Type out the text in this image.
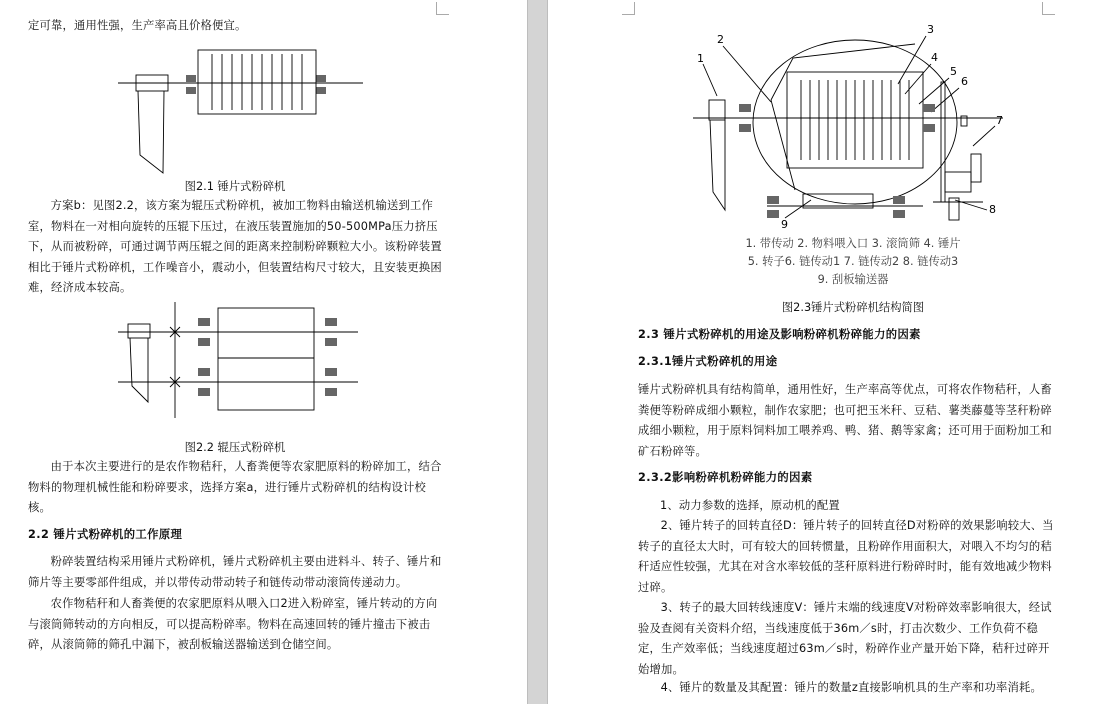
定可靠，通用性强，生产率高且价格便宜。

图2.1 锤片式粉碎机

方案b：见图2.2，该方案为辊压式粉碎机，被加工物料由输送机输送到工作室，物料在一对相向旋转的压辊下压过，在液压装置施加的50-500MPa压力挤压下，从而被粉碎，可通过调节两压辊之间的距离来控制粉碎颗粒大小。该粉碎装置相比于锤片式粉碎机，工作噪音小，震动小，但装置结构尺寸较大，且安装更换困难，经济成本较高。

图2.2 辊压式粉碎机

由于本次主要进行的是农作物秸秆，人畜粪便等农家肥原料的粉碎加工，结合物料的物理机械性能和粉碎要求，选择方案a，进行锤片式粉碎机的结构设计校核。

2.2 锤片式粉碎机的工作原理

粉碎装置结构采用锤片式粉碎机，锤片式粉碎机主要由进料斗、转子、锤片和筛片等主要零部件组成，并以带传动带动转子和链传动带动滚筒传递动力。

农作物秸秆和人畜粪便的农家肥原料从喂入口2进入粉碎室，锤片转动的方向与滚筒筛转动的方向相反，可以提高粉碎率。物料在高速回转的锤片撞击下被击碎，从滚筒筛的筛孔中漏下，被刮板输送器输送到仓储空间。

1
2
3
4
5
6
7
8
9
1. 带传动 2. 物料喂入口 3. 滚筒筛 4. 锤片
5. 转子6. 链传动1 7. 链传动2 8. 链传动3
9. 刮板输送器
图2.3锤片式粉碎机结构简图
2.3 锤片式粉碎机的用途及影响粉碎机粉碎能力的因素
2.3.1锤片式粉碎机的用途

锤片式粉碎机具有结构简单，通用性好，生产率高等优点，可将农作物秸秆，人畜粪便等粉碎成细小颗粒，制作农家肥；也可把玉米秆、豆秸、薯类藤蔓等茎秆粉碎成细小颗粒，用于原料饲料加工喂养鸡、鸭、猪、鹅等家禽；还可用于面粉加工和矿石粉碎等。

2.3.2影响粉碎机粉碎能力的因素

1、动力参数的选择，原动机的配置

2、锤片转子的回转直径D：锤片转子的回转直径D对粉碎的效果影响较大、当转子的直径太大时，可有较大的回转惯量，且粉碎作用面积大，对喂入不均匀的秸秆适应性较强，尤其在对含水率较低的茎秆原料进行粉碎时时，能有效地减少物料过碎。

3、转子的最大回转线速度V：锤片末端的线速度V对粉碎效率影响很大，经试验及查阅有关资料介绍，当线速度低于36m／s时，打击次数少、工作负荷不稳定，生产效率低；当线速度超过63m／s时，粉碎作业产量开始下降，秸秆过碎开始增加。

4、锤片的数量及其配置：锤片的数量z直接影响机具的生产率和功率消耗。
